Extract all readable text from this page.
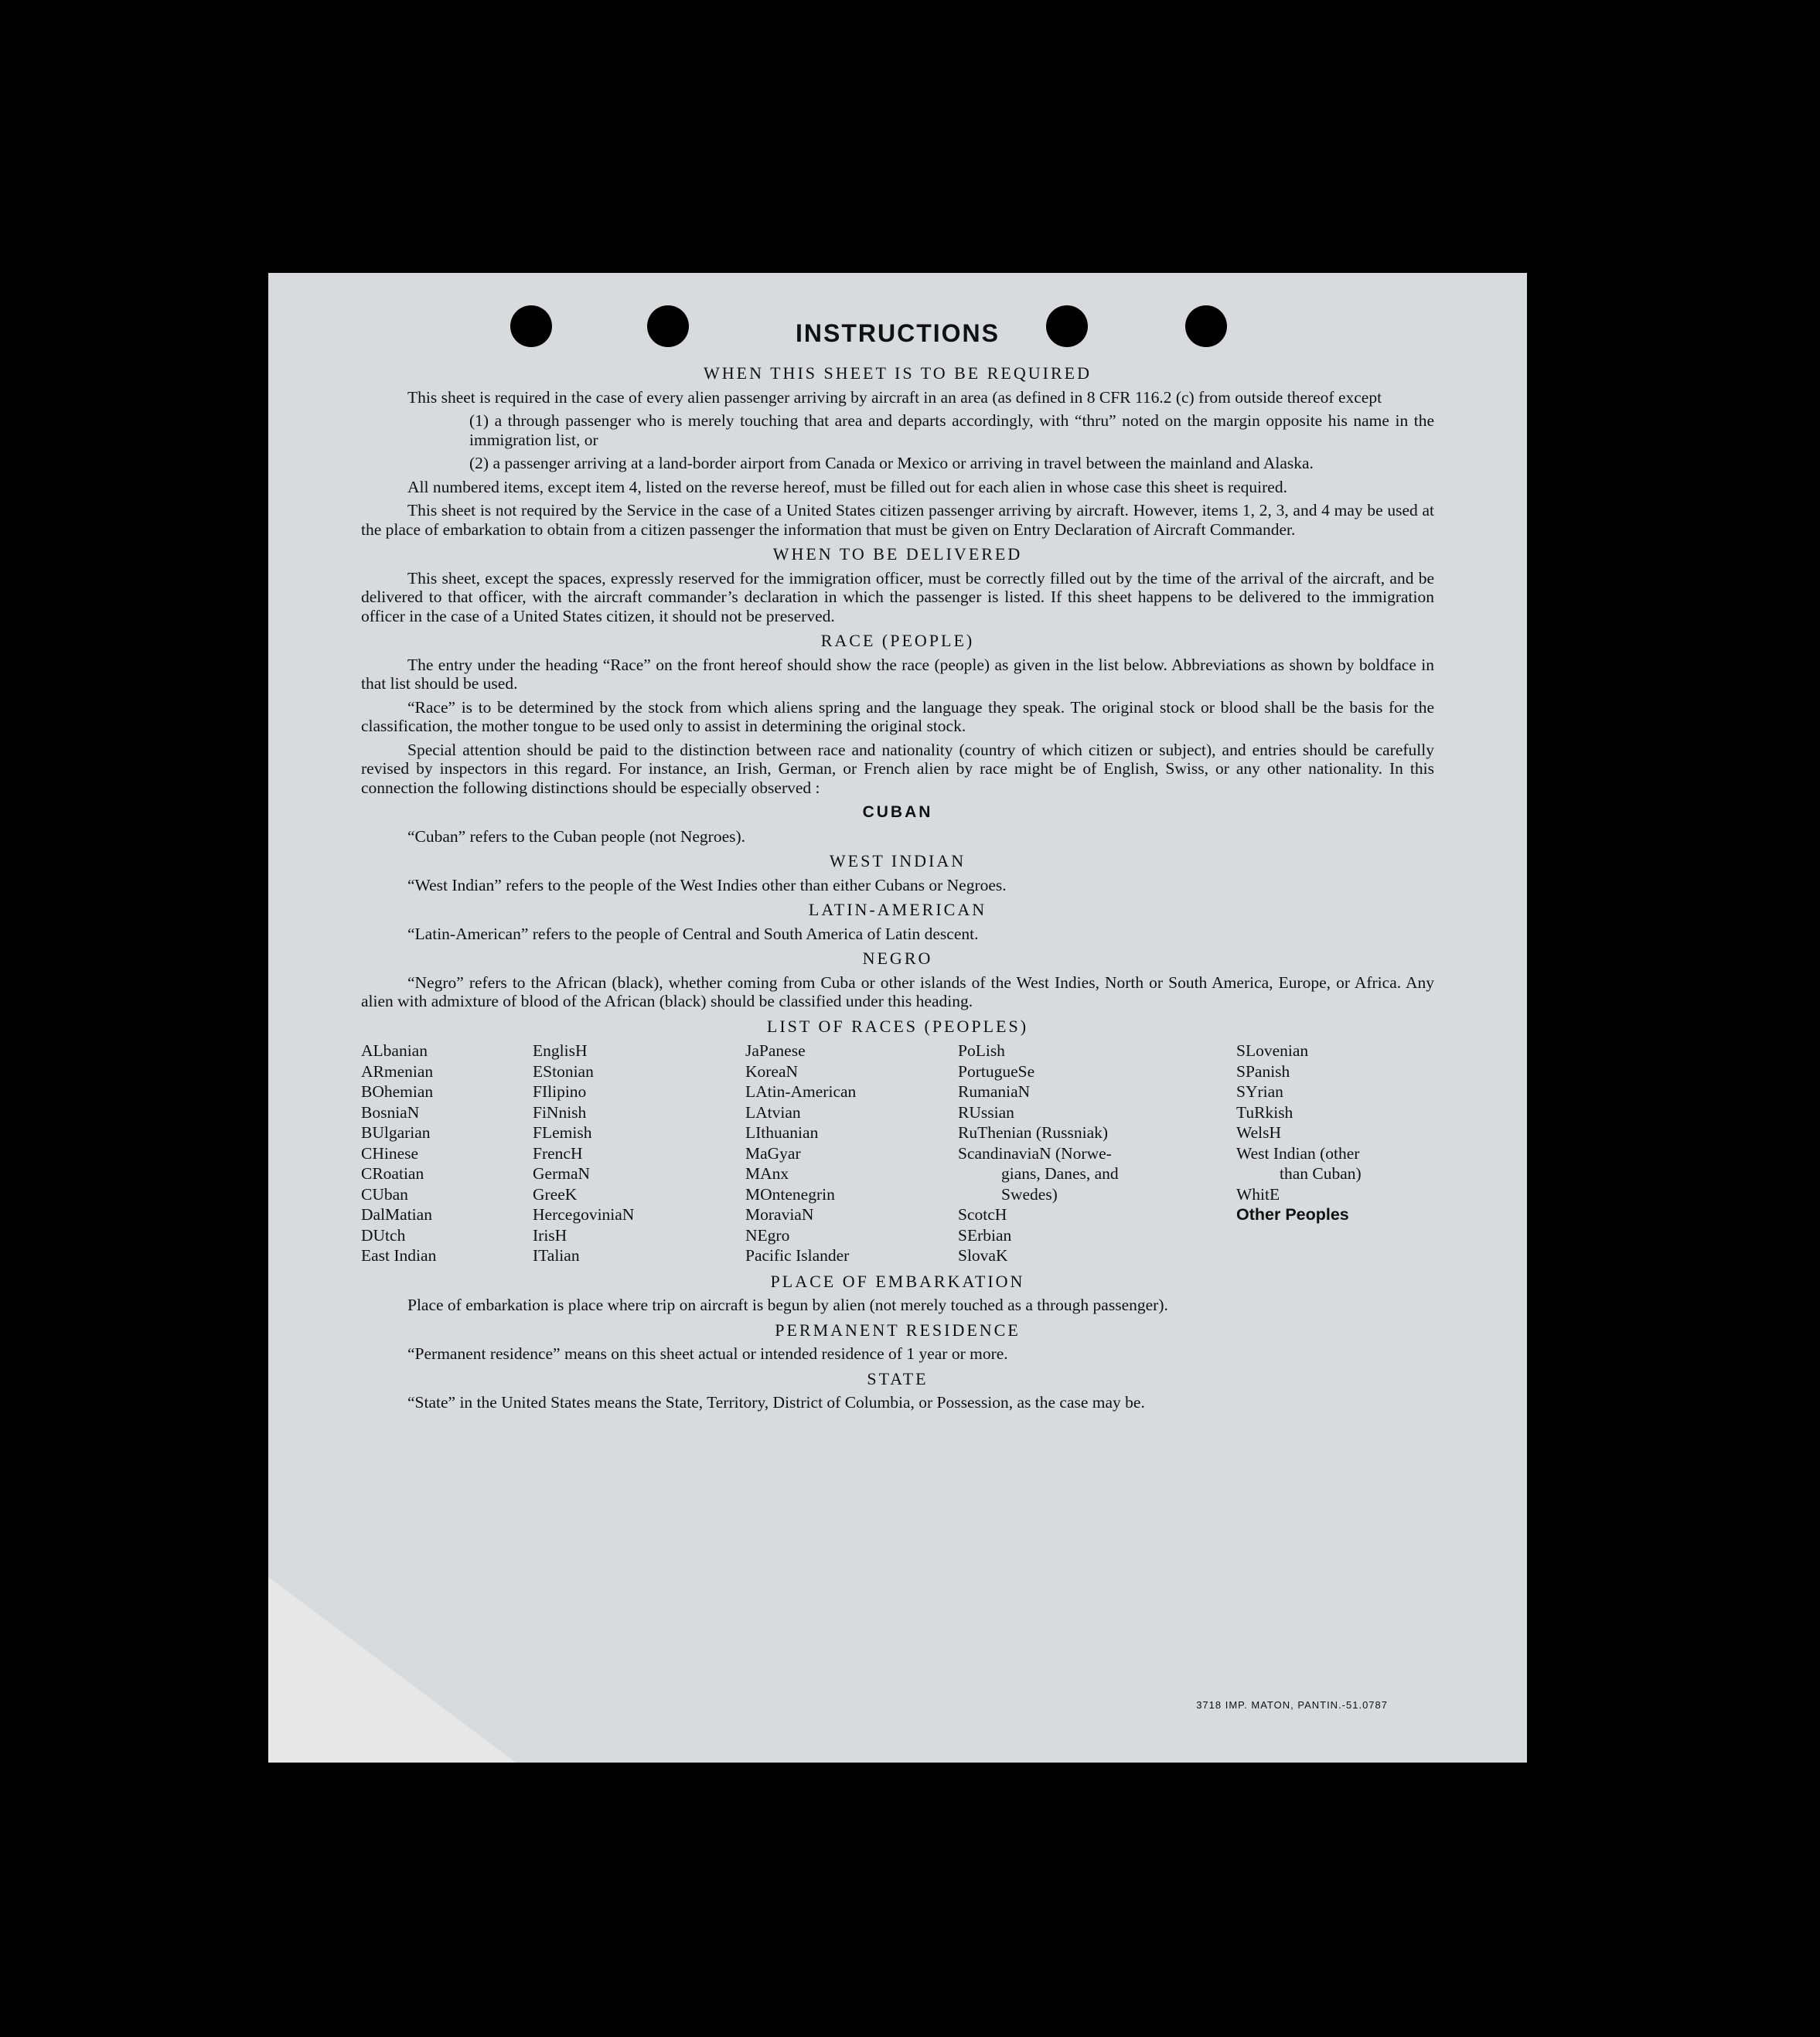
INSTRUCTIONS
WHEN THIS SHEET IS TO BE REQUIRED

This sheet is required in the case of every alien passenger arriving by aircraft in an area (as defined in 8 CFR 116.2 (c) from outside thereof except

(1) a through passenger who is merely touching that area and departs accordingly, with “thru” noted on the margin opposite his name in the immigration list, or

(2) a passenger arriving at a land-border airport from Canada or Mexico or arriving in travel between the mainland and Alaska.

All numbered items, except item 4, listed on the reverse hereof, must be filled out for each alien in whose case this sheet is required.

This sheet is not required by the Service in the case of a United States citizen passenger arriving by aircraft. However, items 1, 2, 3, and 4 may be used at the place of embarkation to obtain from a citizen passenger the information that must be given on Entry Declaration of Aircraft Commander.

WHEN TO BE DELIVERED

This sheet, except the spaces, expressly reserved for the immigration officer, must be correctly filled out by the time of the arrival of the aircraft, and be delivered to that officer, with the aircraft commander’s declaration in which the passenger is listed. If this sheet happens to be delivered to the immigration officer in the case of a United States citizen, it should not be preserved.

RACE (PEOPLE)

The entry under the heading “Race” on the front hereof should show the race (people) as given in the list below. Abbreviations as shown by boldface in that list should be used.

“Race” is to be determined by the stock from which aliens spring and the language they speak. The original stock or blood shall be the basis for the classification, the mother tongue to be used only to assist in determining the original stock.

Special attention should be paid to the distinction between race and nationality (country of which citizen or subject), and entries should be carefully revised by inspectors in this regard. For instance, an Irish, German, or French alien by race might be of English, Swiss, or any other nationality. In this connection the following distinctions should be especially observed :

CUBAN

“Cuban” refers to the Cuban people (not Negroes).

WEST INDIAN

“West Indian” refers to the people of the West Indies other than either Cubans or Negroes.

LATIN-AMERICAN

“Latin-American” refers to the people of Central and South America of Latin descent.

NEGRO

“Negro” refers to the African (black), whether coming from Cuba or other islands of the West Indies, North or South America, Europe, or Africa. Any alien with admixture of blood of the African (black) should be classified under this heading.

LIST OF RACES (PEOPLES)
ALbanian
ARmenian
BOhemian
BosniaN
BUlgarian
CHinese
CRoatian
CUban
DalMatian
DUtch
East Indian
EnglisH
EStonian
FIlipino
FiNnish
FLemish
FrencH
GermaN
GreeK
HercegoviniaN
IrisH
ITalian
JaPanese
KoreaN
LAtin-American
LAtvian
LIthuanian
MaGyar
MAnx
MOntenegrin
MoraviaN
NEgro
Pacific Islander
PoLish
PortugueSe
RumaniaN
RUssian
RuThenian (Russniak)
ScandinaviaN (Norwe-
gians, Danes, and
Swedes)
ScotcH
SErbian
SlovaK
SLovenian
SPanish
SYrian
TuRkish
WelsH
West Indian (other
than Cuban)
WhitE
Other Peoples
PLACE OF EMBARKATION

Place of embarkation is place where trip on aircraft is begun by alien (not merely touched as a through passenger).

PERMANENT RESIDENCE

“Permanent residence” means on this sheet actual or intended residence of 1 year or more.

STATE

“State” in the United States means the State, Territory, District of Columbia, or Possession, as the case may be.

3718 IMP. MATON, PANTIN.-51.0787
